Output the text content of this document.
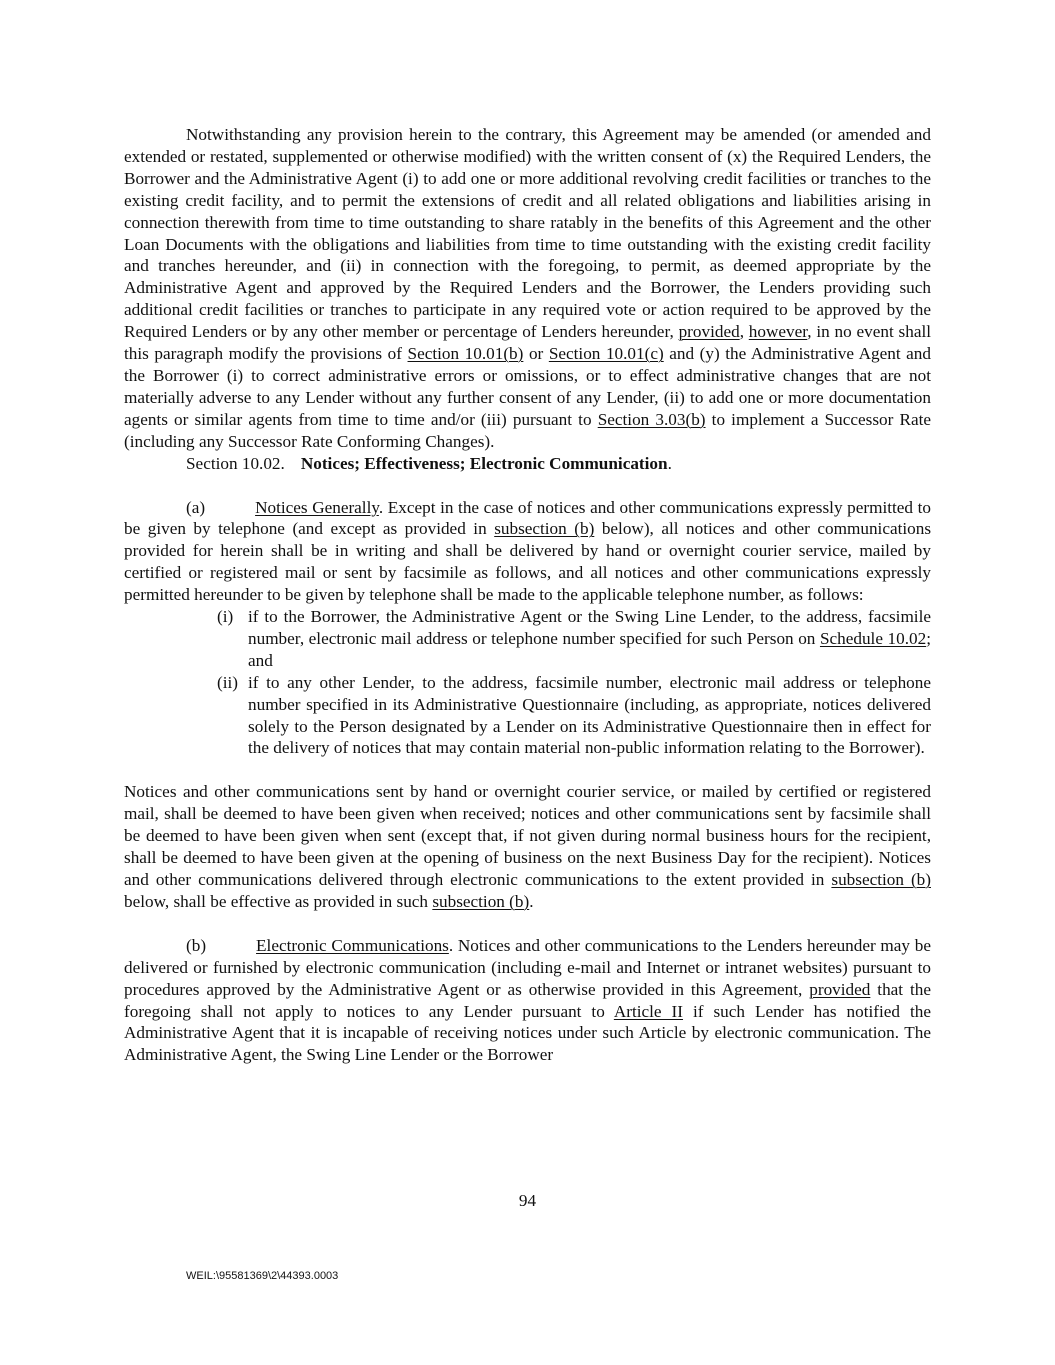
Notwithstanding any provision herein to the contrary, this Agreement may be amended (or amended and extended or restated, supplemented or otherwise modified) with the written consent of (x) the Required Lenders, the Borrower and the Administrative Agent (i) to add one or more additional revolving credit facilities or tranches to the existing credit facility, and to permit the extensions of credit and all related obligations and liabilities arising in connection therewith from time to time outstanding to share ratably in the benefits of this Agreement and the other Loan Documents with the obligations and liabilities from time to time outstanding with the existing credit facility and tranches hereunder, and (ii) in connection with the foregoing, to permit, as deemed appropriate by the Administrative Agent and approved by the Required Lenders and the Borrower, the Lenders providing such additional credit facilities or tranches to participate in any required vote or action required to be approved by the Required Lenders or by any other member or percentage of Lenders hereunder, provided, however, in no event shall this paragraph modify the provisions of Section 10.01(b) or Section 10.01(c) and (y) the Administrative Agent and the Borrower (i) to correct administrative errors or omissions, or to effect administrative changes that are not materially adverse to any Lender without any further consent of any Lender, (ii) to add one or more documentation agents or similar agents from time to time and/or (iii) pursuant to Section 3.03(b) to implement a Successor Rate (including any Successor Rate Conforming Changes).

Section 10.02. Notices; Effectiveness; Electronic Communication.

(a)	Notices Generally. Except in the case of notices and other communications expressly permitted to be given by telephone (and except as provided in subsection (b) below), all notices and other communications provided for herein shall be in writing and shall be delivered by hand or overnight courier service, mailed by certified or registered mail or sent by facsimile as follows, and all notices and other communications expressly permitted hereunder to be given by telephone shall be made to the applicable telephone number, as follows:

(i) if to the Borrower, the Administrative Agent or the Swing Line Lender, to the address, facsimile number, electronic mail address or telephone number specified for such Person on Schedule 10.02; and

(ii) if to any other Lender, to the address, facsimile number, electronic mail address or telephone number specified in its Administrative Questionnaire (including, as appropriate, notices delivered solely to the Person designated by a Lender on its Administrative Questionnaire then in effect for the delivery of notices that may contain material non-public information relating to the Borrower).

Notices and other communications sent by hand or overnight courier service, or mailed by certified or registered mail, shall be deemed to have been given when received; notices and other communications sent by facsimile shall be deemed to have been given when sent (except that, if not given during normal business hours for the recipient, shall be deemed to have been given at the opening of business on the next Business Day for the recipient). Notices and other communications delivered through electronic communications to the extent provided in subsection (b) below, shall be effective as provided in such subsection (b).

(b)	Electronic Communications. Notices and other communications to the Lenders hereunder may be delivered or furnished by electronic communication (including e-mail and Internet or intranet websites) pursuant to procedures approved by the Administrative Agent or as otherwise provided in this Agreement, provided that the foregoing shall not apply to notices to any Lender pursuant to Article II if such Lender has notified the Administrative Agent that it is incapable of receiving notices under such Article by electronic communication. The Administrative Agent, the Swing Line Lender or the Borrower

94
WEIL:\95581369\2\44393.0003
